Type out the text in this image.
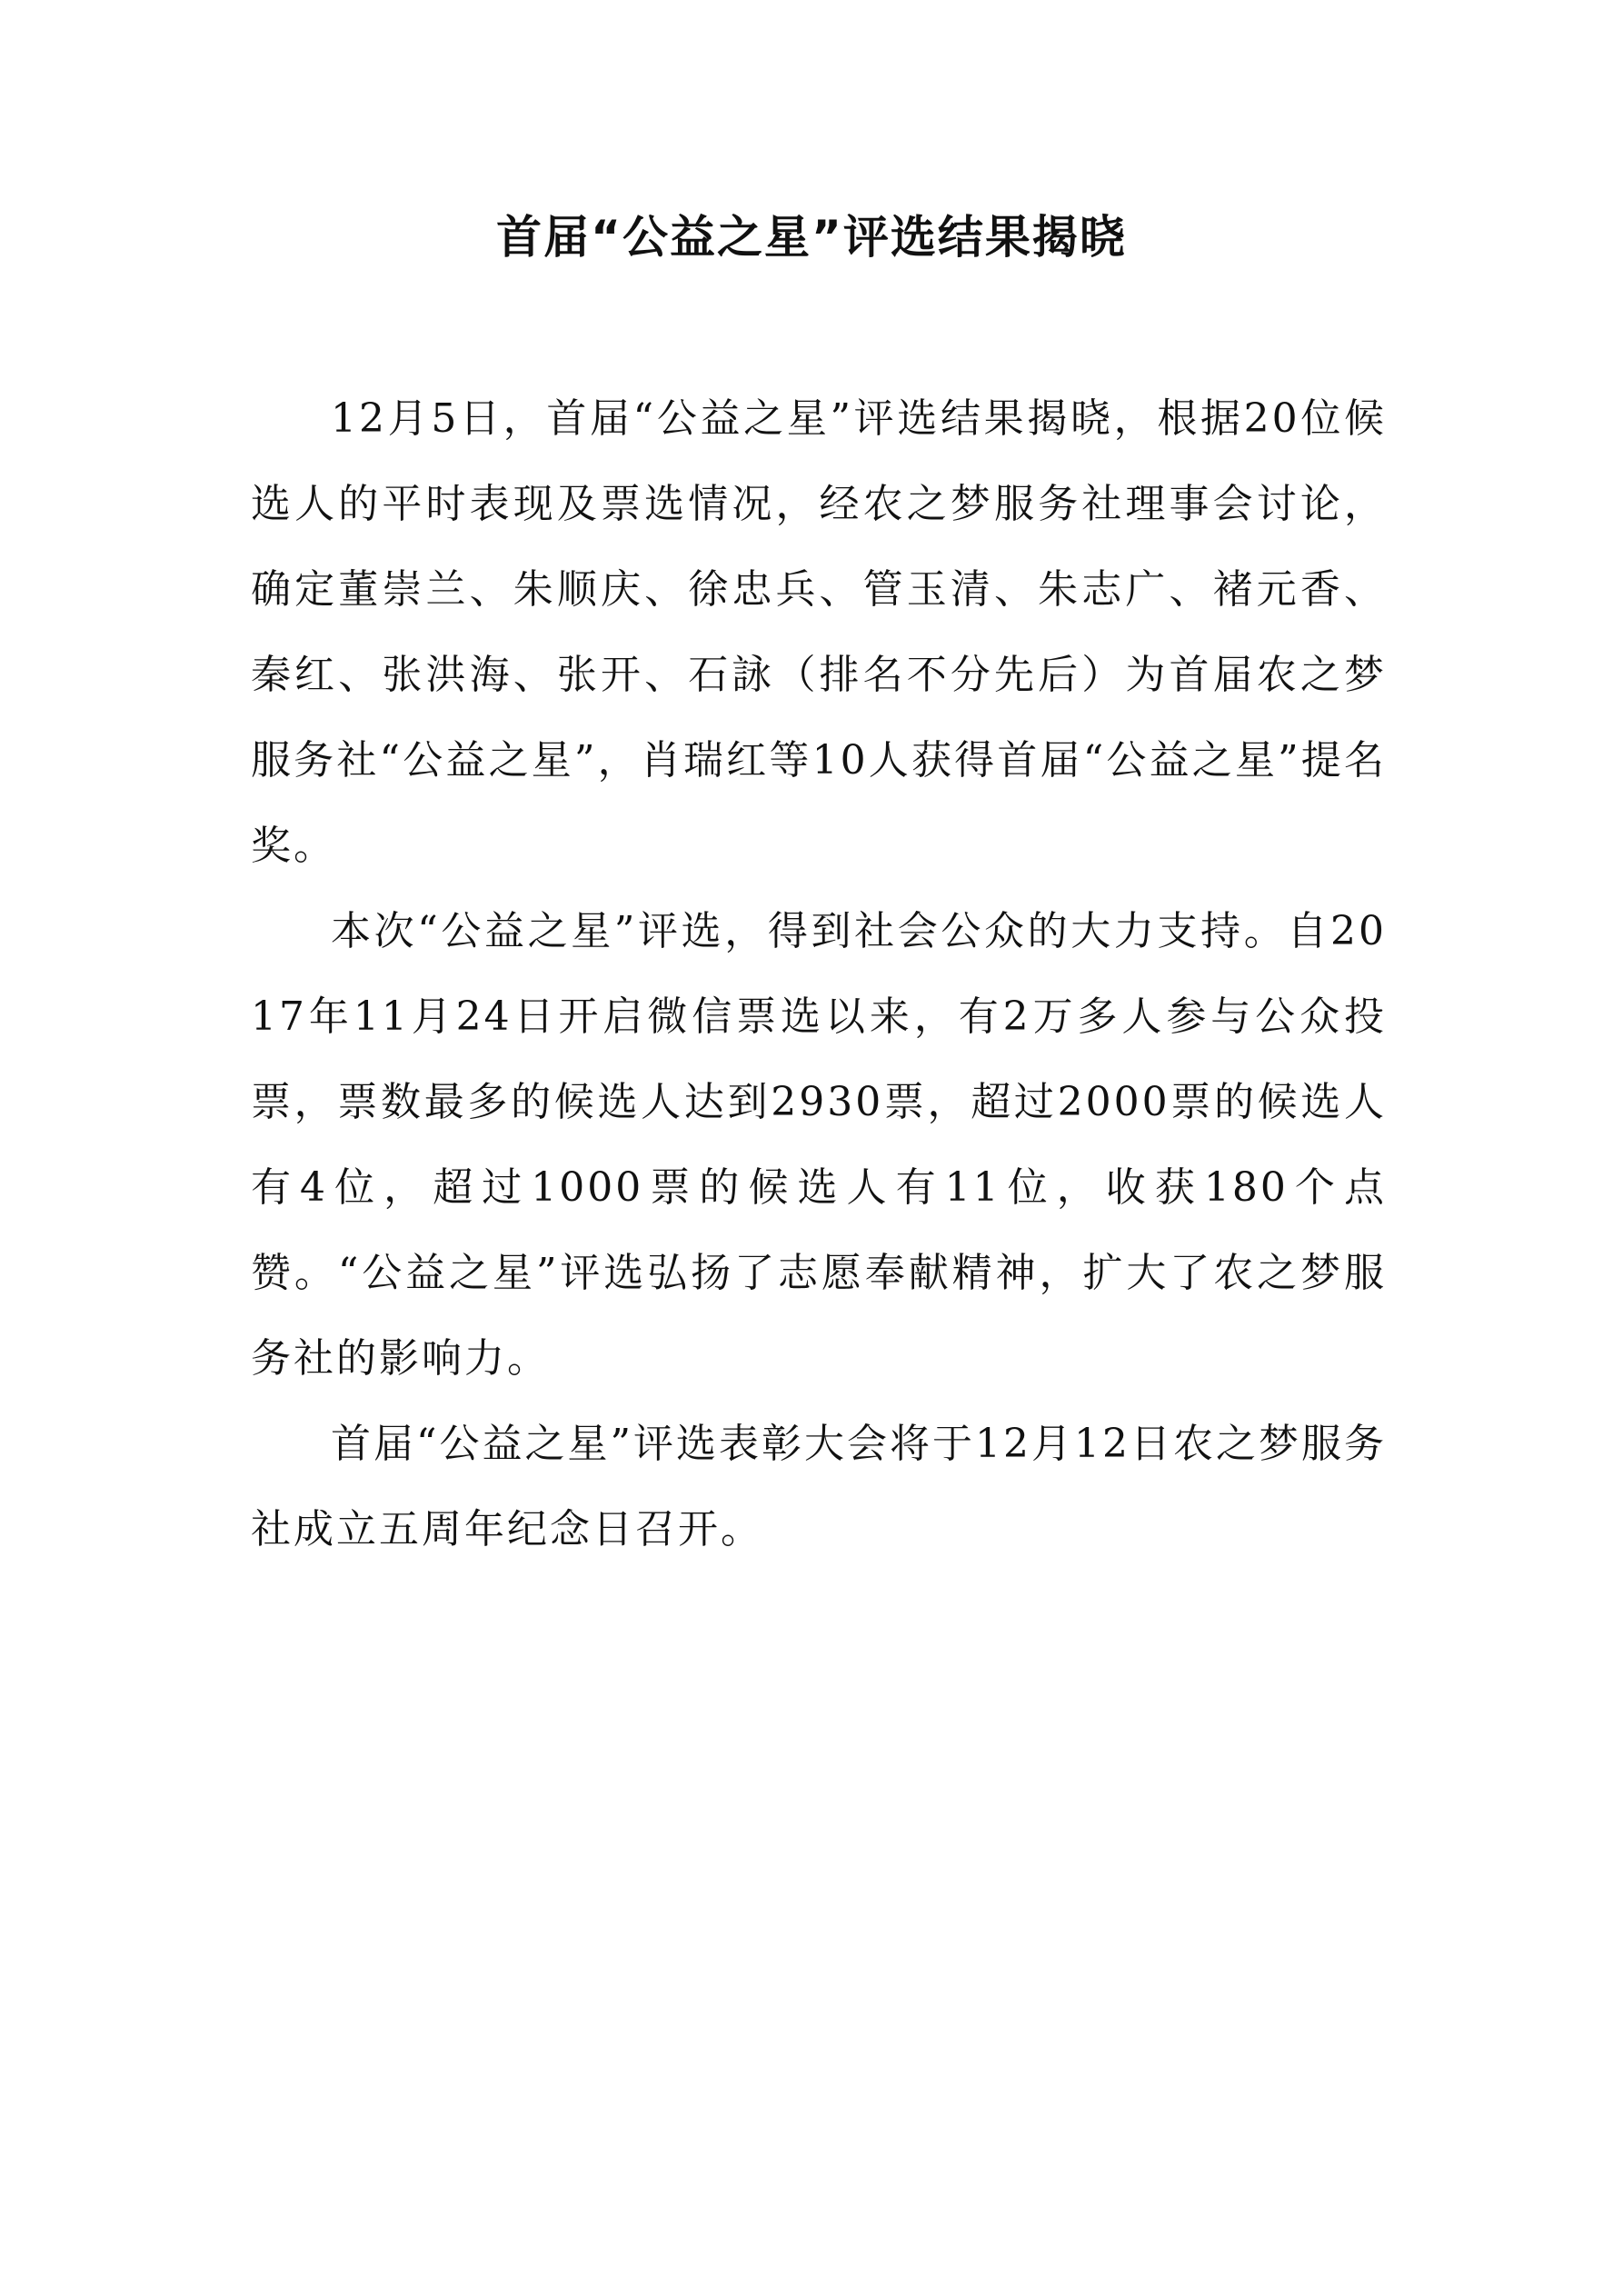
首届“公益之星”评选结果揭晓

12月5日，首届“公益之星”评选结果揭晓，根据20位候选人的平时表现及票选情况，经农之梦服务社理事会讨论，确定董崇兰、朱顺庆、徐忠兵、管玉清、朱志广、褚元香、秦红、张洪海、张开、石詠（排名不分先后）为首届农之梦服务社“公益之星”，肖瑞红等10人获得首届“公益之星”提名奖。

本次“公益之星”评选，得到社会公众的大力支持。自2017年11月24日开启微信票选以来，有2万多人参与公众投票，票数最多的候选人达到2930票，超过2000票的候选人有4位，超过1000票的候选人有11位，收获180个点赞。“公益之星”评选弘扬了志愿奉献精神，扩大了农之梦服务社的影响力。

首届“公益之星”评选表彰大会将于12月12日农之梦服务社成立五周年纪念日召开。
